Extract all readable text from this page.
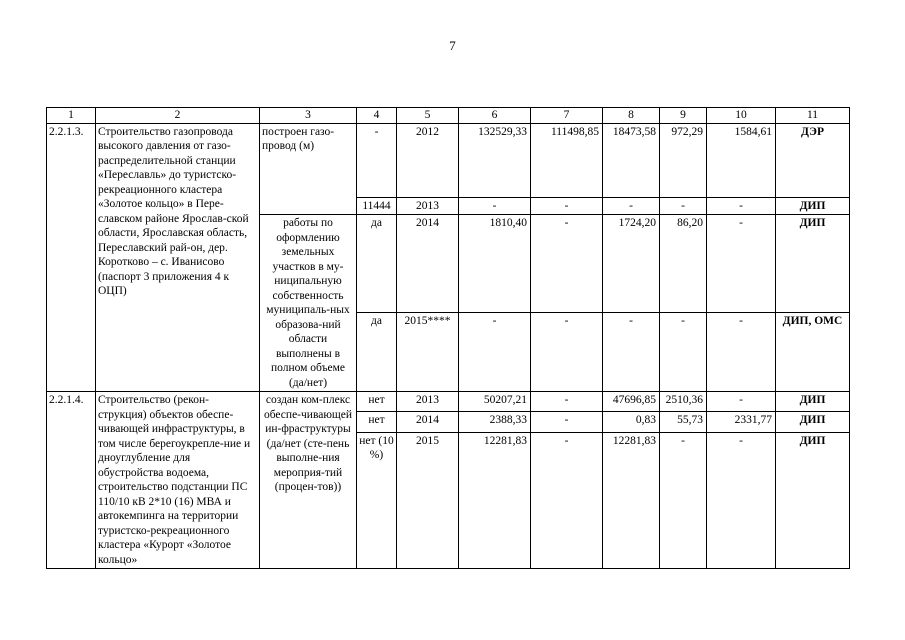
7
1	2	3	4	5	6	7	8	9	10	11
2.2.1.3.	Строительство газопровода высокого давления от газо-распределительной станции «Переславль» до туристско-рекреационного кластера «Золотое кольцо» в Пере-славском районе Ярослав-ской области, Ярославская область, Переславский рай-он, дер. Коротково – с. Иванисово (паспорт 3 приложения 4 к ОЦП)	построен газо-провод (м)	-	2012	132529,33	111498,85	18473,58	972,29	1584,61	ДЭР
			11444	2013	-	-	-	-	-	ДИП
		работы по оформлению земельных участков в му-ниципальную собственность муниципаль-ных образова-ний области выполнены в полном объеме (да/нет)	да	2014	1810,40	-	1724,20	86,20	-	ДИП
			да	2015****	-	-	-	-	-	ДИП, ОМС
2.2.1.4.	Строительство (рекон-струкция) объектов обеспе-чивающей инфраструктуры, в том числе берегоукрепле-ние и дноуглубление для обустройства водоема, строительство подстанции ПС 110/10 кВ 2*10 (16) МВА и автокемпинга на территории туристско-рекреационного кластера «Курорт «Золотое кольцо»	создан ком-плекс обеспе-чивающей ин-фраструктуры (да/нет (сте-пень выполне-ния мероприя-тий (процен-тов))	нет	2013	50207,21	-	47696,85	2510,36	-	ДИП
			нет	2014	2388,33	-	0,83	55,73	2331,77	ДИП
			нет (10 %)	2015	12281,83	-	12281,83	-	-	ДИП
